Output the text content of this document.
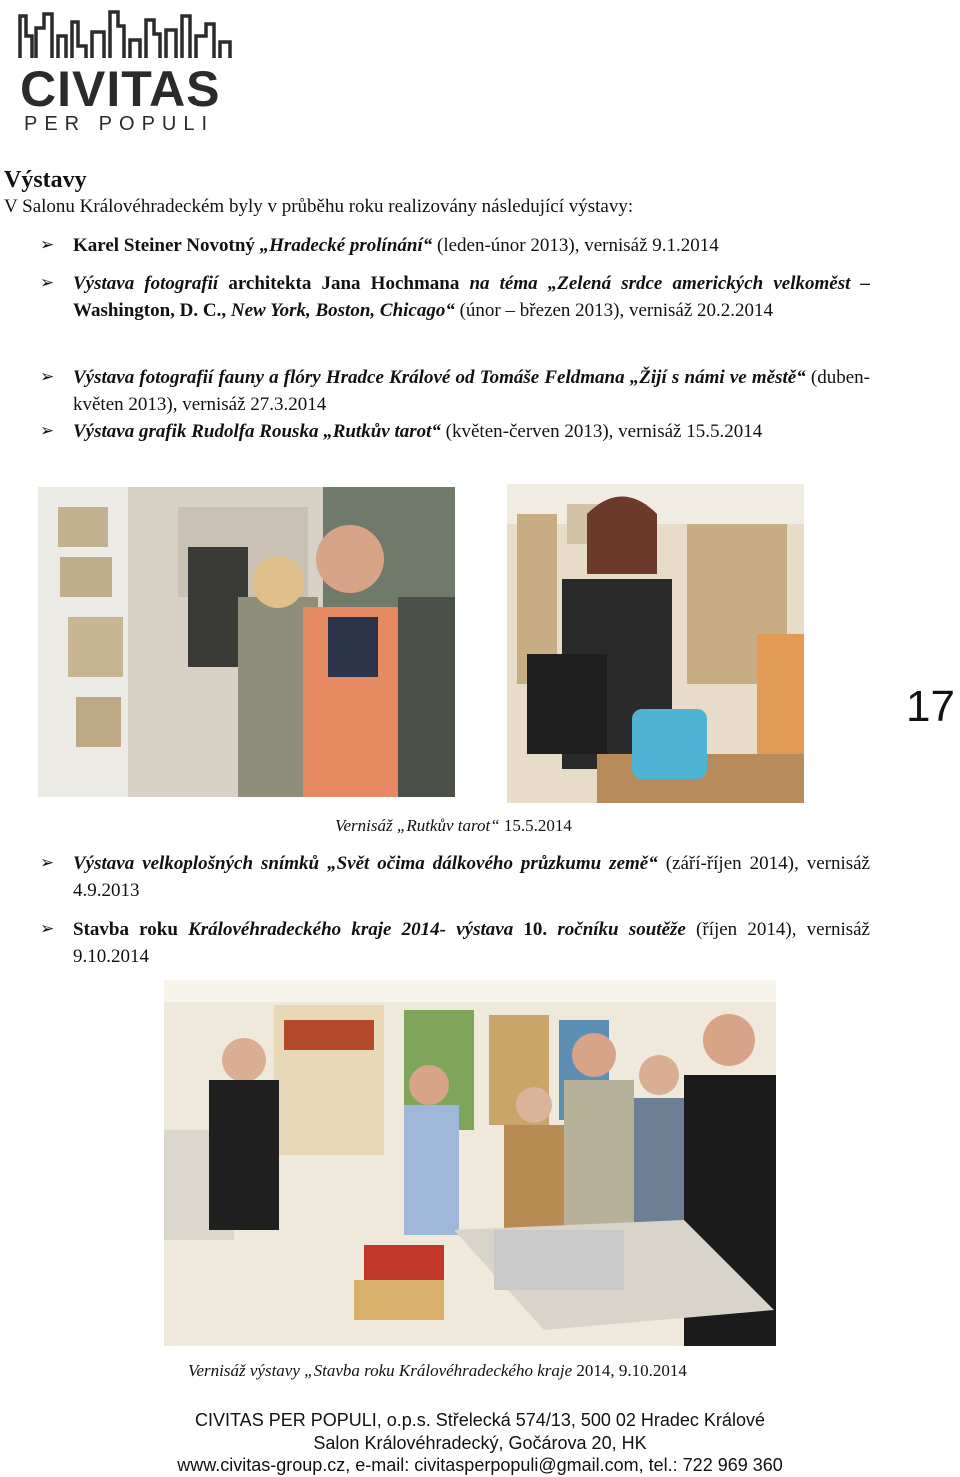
CIVITAS
PER POPULI
Výstavy
V Salonu Královéhradeckém byly v průběhu roku realizovány následující výstavy:
➢ Karel Steiner Novotný „Hradecké prolínání“ (leden-únor 2013), vernisáž 9.1.2014
➢ Výstava fotografií architekta Jana Hochmana na téma „Zelená srdce amerických velkoměst – Washington, D. C., New York, Boston, Chicago“ (únor – březen 2013), vernisáž 20.2.2014
➢ Výstava fotografií fauny a flóry Hradce Králové od Tomáše Feldmana „Žijí s námi ve městě“ (duben-květen 2013), vernisáž 27.3.2014
➢ Výstava grafik Rudolfa Rouska „Rutkův tarot“ (květen-červen 2013), vernisáž 15.5.2014
17
Vernisáž „Rutkův tarot“ 15.5.2014
➢ Výstava velkoplošných snímků „Svět očima dálkového průzkumu země“ (září-říjen 2014), vernisáž 4.9.2013
➢ Stavba roku Královéhradeckého kraje 2014- výstava 10. ročníku soutěže (říjen 2014), vernisáž 9.10.2014
Vernisáž výstavy „Stavba roku Královéhradeckého kraje 2014, 9.10.2014
CIVITAS PER POPULI, o.p.s. Střelecká 574/13, 500 02 Hradec Králové
Salon Královéhradecký, Gočárova 20, HK
www.civitas-group.cz, e-mail: civitasperpopuli@gmail.com, tel.: 722 969 360
